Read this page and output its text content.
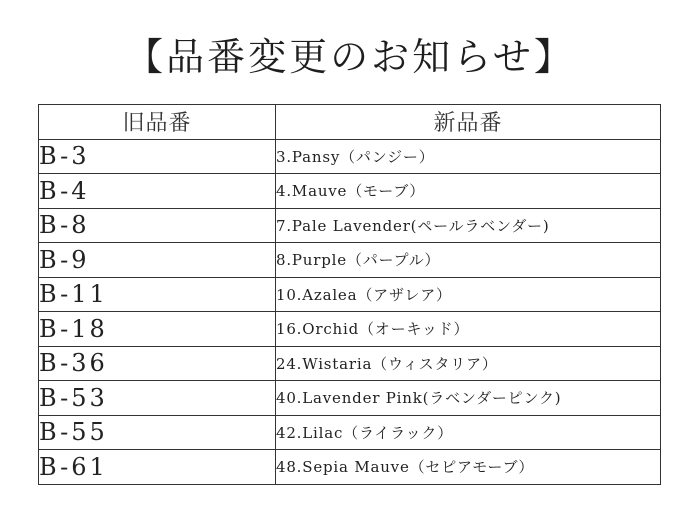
【品番変更のお知らせ】
旧品番	新品番
B-3	3.Pansy（パンジー）
B-4	4.Mauve（モーブ）
B-8	7.Pale Lavender(ペールラベンダー)
B-9	8.Purple（パープル）
B-11	10.Azalea（アザレア）
B-18	16.Orchid（オーキッド）
B-36	24.Wistaria（ウィスタリア）
B-53	40.Lavender Pink(ラベンダーピンク)
B-55	42.Lilac（ライラック）
B-61	48.Sepia Mauve（セピアモーブ）
